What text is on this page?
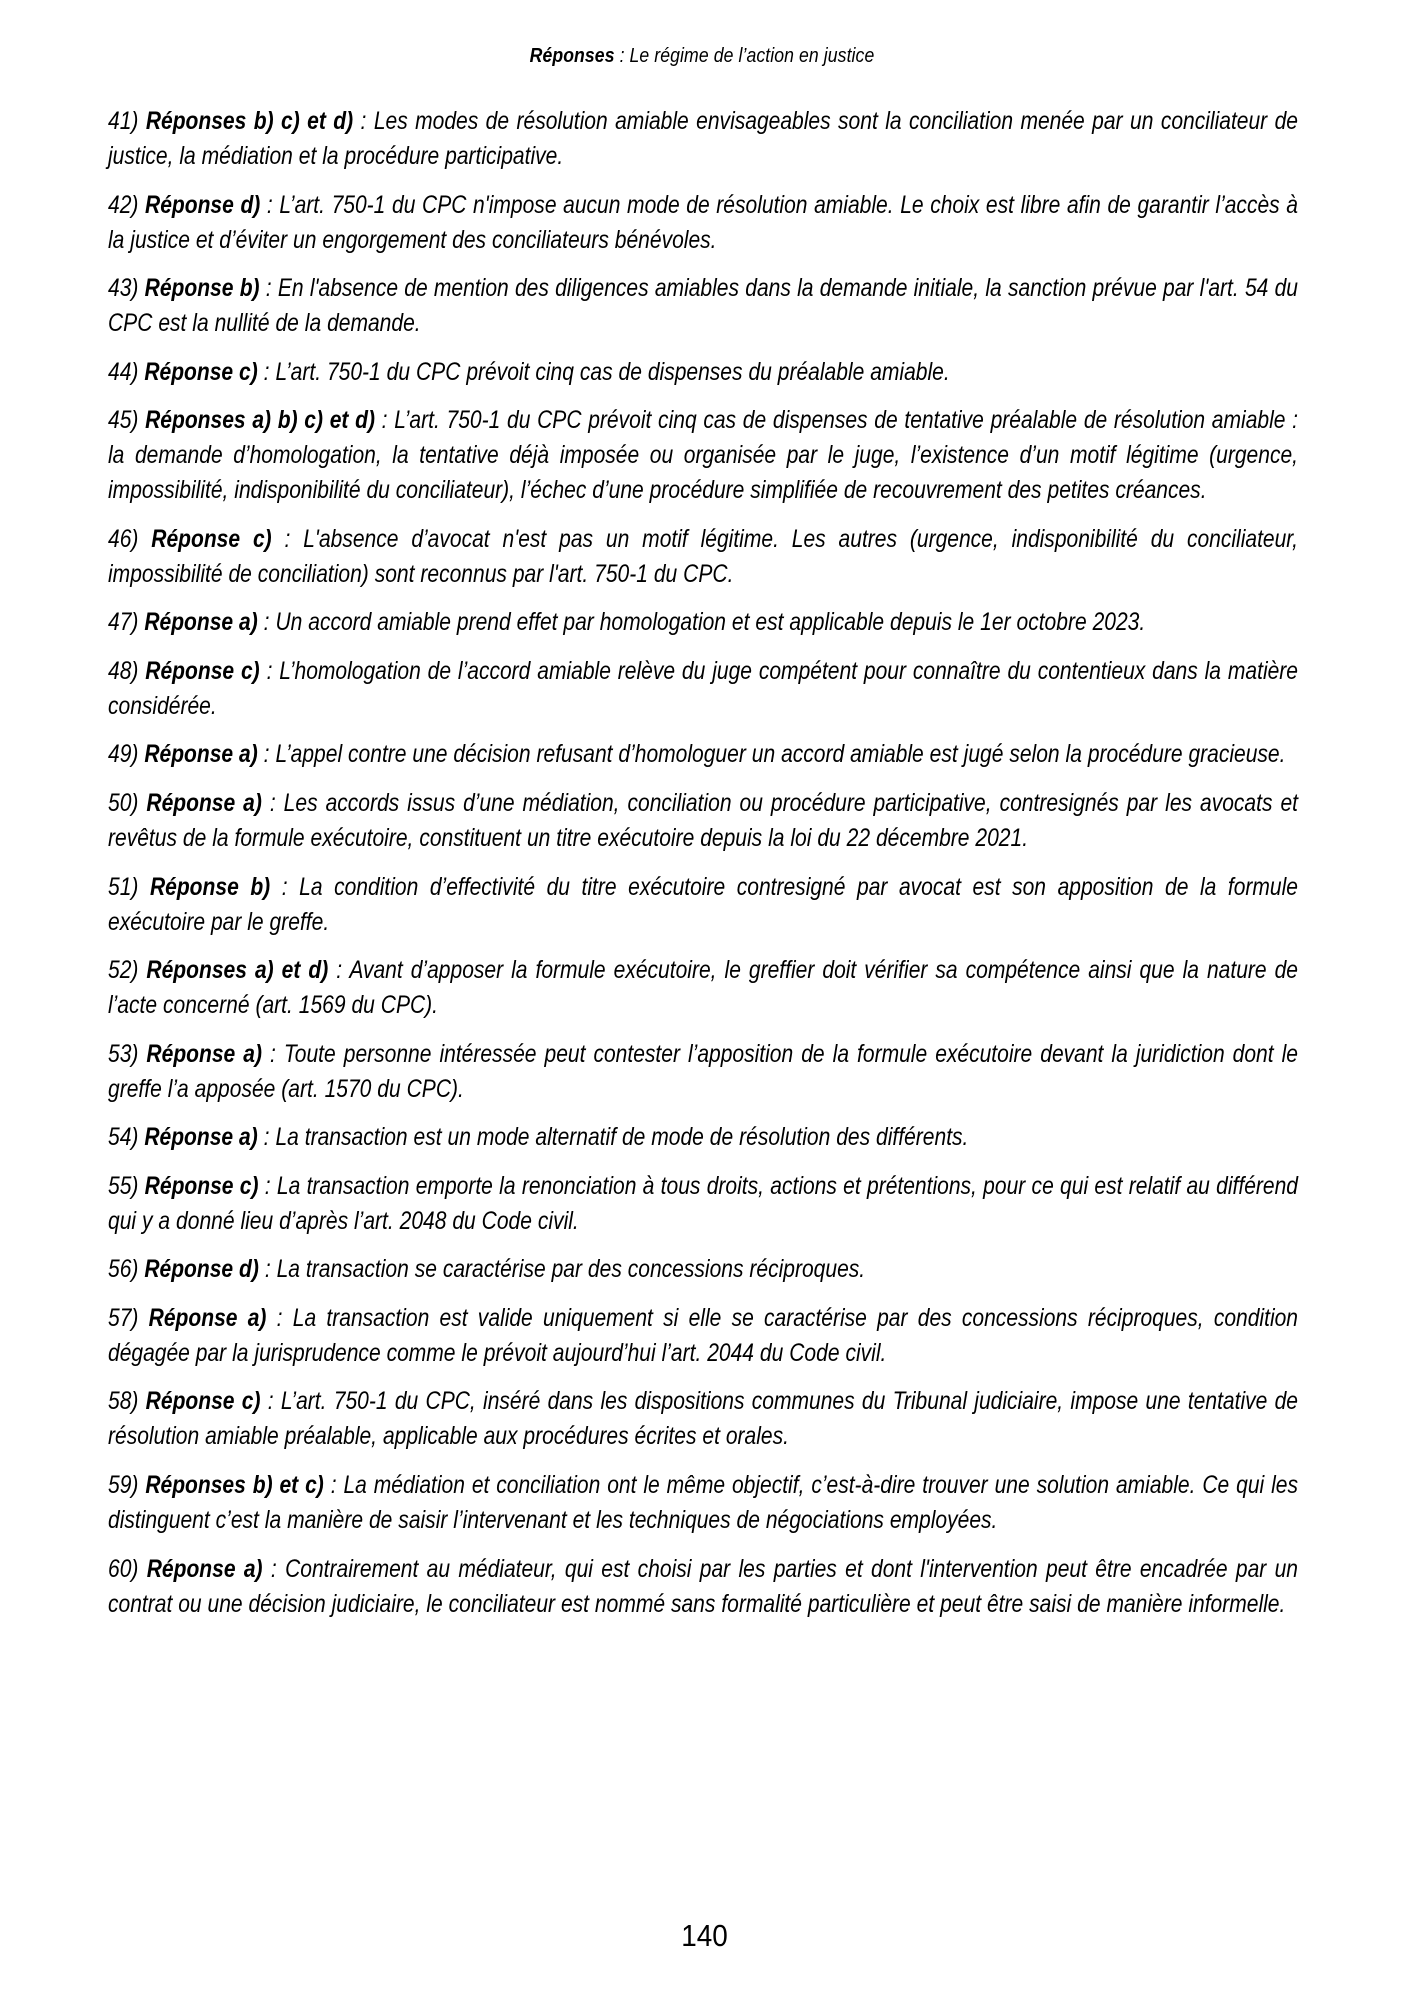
Réponses : Le régime de l’action en justice

41) Réponses b) c) et d) : Les modes de résolution amiable envisageables sont la conciliation menée par un conciliateur de justice, la médiation et la procédure participative.

42) Réponse d) : L’art. 750-1 du CPC n'impose aucun mode de résolution amiable. Le choix est libre afin de garantir l’accès à la justice et d’éviter un engorgement des conciliateurs bénévoles.

43) Réponse b) : En l'absence de mention des diligences amiables dans la demande initiale, la sanction prévue par l'art. 54 du CPC est la nullité de la demande.

44) Réponse c) : L’art. 750-1 du CPC prévoit cinq cas de dispenses du préalable amiable.

45) Réponses a) b) c) et d) : L’art. 750-1 du CPC prévoit cinq cas de dispenses de tentative préalable de résolution amiable : la demande d’homologation, la tentative déjà imposée ou organisée par le juge, l’existence d’un motif légitime (urgence, impossibilité, indisponibilité du conciliateur), l’échec d’une procédure simplifiée de recouvrement des petites créances.

46) Réponse c) : L'absence d’avocat n'est pas un motif légitime. Les autres (urgence, indisponibilité du conciliateur, impossibilité de conciliation) sont reconnus par l'art. 750-1 du CPC.

47) Réponse a) : Un accord amiable prend effet par homologation et est applicable depuis le 1er octobre 2023.

48) Réponse c) : L’homologation de l’accord amiable relève du juge compétent pour connaître du contentieux dans la matière considérée.

49) Réponse a) : L’appel contre une décision refusant d’homologuer un accord amiable est jugé selon la procédure gracieuse.

50) Réponse a) : Les accords issus d’une médiation, conciliation ou procédure participative, contresignés par les avocats et revêtus de la formule exécutoire, constituent un titre exécutoire depuis la loi du 22 décembre 2021.

51) Réponse b) : La condition d’effectivité du titre exécutoire contresigné par avocat est son apposition de la formule exécutoire par le greffe.

52) Réponses a) et d) : Avant d’apposer la formule exécutoire, le greffier doit vérifier sa compétence ainsi que la nature de l’acte concerné (art. 1569 du CPC).

53) Réponse a) : Toute personne intéressée peut contester l’apposition de la formule exécutoire devant la juridiction dont le greffe l’a apposée (art. 1570 du CPC).

54) Réponse a) : La transaction est un mode alternatif de mode de résolution des différents.

55) Réponse c) : La transaction emporte la renonciation à tous droits, actions et prétentions, pour ce qui est relatif au différend qui y a donné lieu d’après l’art. 2048 du Code civil.

56) Réponse d) : La transaction se caractérise par des concessions réciproques.

57) Réponse a) : La transaction est valide uniquement si elle se caractérise par des concessions réciproques, condition dégagée par la jurisprudence comme le prévoit aujourd’hui l’art. 2044 du Code civil.

58) Réponse c) : L’art. 750-1 du CPC, inséré dans les dispositions communes du Tribunal judiciaire, impose une tentative de résolution amiable préalable, applicable aux procédures écrites et orales.

59) Réponses b) et c) : La médiation et conciliation ont le même objectif, c’est-à-dire trouver une solution amiable. Ce qui les distinguent c’est la manière de saisir l’intervenant et les techniques de négociations employées.

60) Réponse a) : Contrairement au médiateur, qui est choisi par les parties et dont l'intervention peut être encadrée par un contrat ou une décision judiciaire, le conciliateur est nommé sans formalité particulière et peut être saisi de manière informelle.

140
